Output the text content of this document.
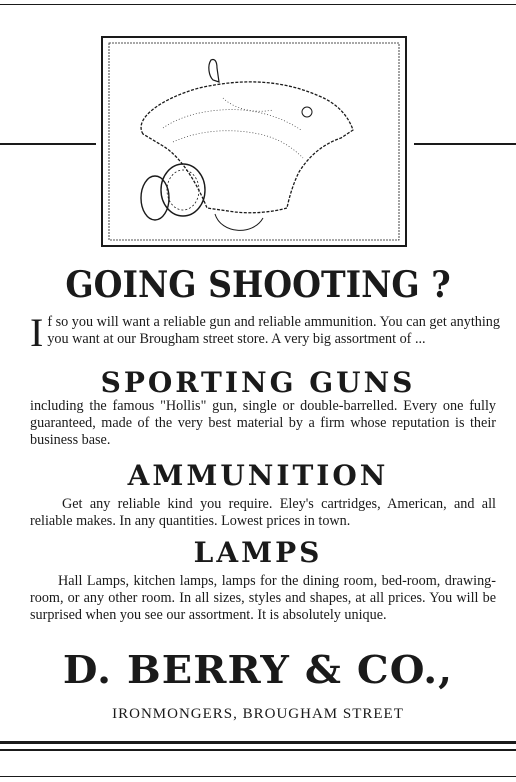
GOING SHOOTING ?

If so you will want a reliable gun and reliable ammunition. You can get anything you want at our Brougham street store. A very big assortment of ...

SPORTING GUNS

including the famous "Hollis" gun, single or double-barrelled. Every one fully guaranteed, made of the very best material by a firm whose reputation is their business base.

AMMUNITION

Get any reliable kind you require. Eley's cartridges, American, and all reliable makes. In any quantities. Lowest prices in town.

LAMPS

Hall Lamps, kitchen lamps, lamps for the dining room, bed-room, drawing-room, or any other room. In all sizes, styles and shapes, at all prices. You will be surprised when you see our assortment. It is absolutely unique.

D. BERRY & CO.,

IRONMONGERS, BROUGHAM STREET
